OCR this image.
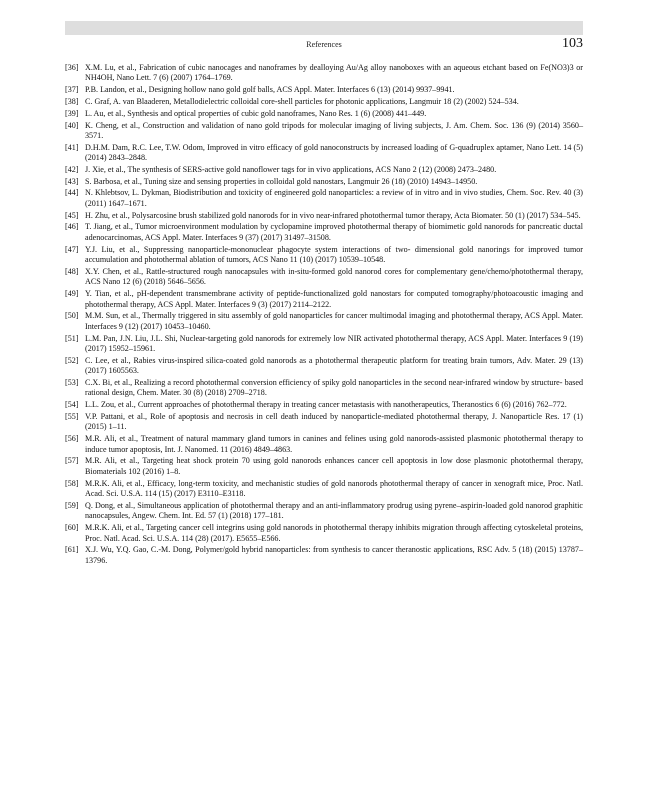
References	103
[36] X.M. Lu, et al., Fabrication of cubic nanocages and nanoframes by dealloying Au/Ag alloy nanoboxes with an aqueous etchant based on Fe(NO3)3 or NH4OH, Nano Lett. 7 (6) (2007) 1764–1769.
[37] P.B. Landon, et al., Designing hollow nano gold golf balls, ACS Appl. Mater. Interfaces 6 (13) (2014) 9937–9941.
[38] C. Graf, A. van Blaaderen, Metallodielectric colloidal core-shell particles for photonic applications, Langmuir 18 (2) (2002) 524–534.
[39] L. Au, et al., Synthesis and optical properties of cubic gold nanoframes, Nano Res. 1 (6) (2008) 441–449.
[40] K. Cheng, et al., Construction and validation of nano gold tripods for molecular imaging of living subjects, J. Am. Chem. Soc. 136 (9) (2014) 3560–3571.
[41] D.H.M. Dam, R.C. Lee, T.W. Odom, Improved in vitro efficacy of gold nanoconstructs by increased loading of G-quadruplex aptamer, Nano Lett. 14 (5) (2014) 2843–2848.
[42] J. Xie, et al., The synthesis of SERS-active gold nanoflower tags for in vivo applications, ACS Nano 2 (12) (2008) 2473–2480.
[43] S. Barbosa, et al., Tuning size and sensing properties in colloidal gold nanostars, Langmuir 26 (18) (2010) 14943–14950.
[44] N. Khlebtsov, L. Dykman, Biodistribution and toxicity of engineered gold nanoparticles: a review of in vitro and in vivo studies, Chem. Soc. Rev. 40 (3) (2011) 1647–1671.
[45] H. Zhu, et al., Polysarcosine brush stabilized gold nanorods for in vivo near-infrared photothermal tumor therapy, Acta Biomater. 50 (1) (2017) 534–545.
[46] T. Jiang, et al., Tumor microenvironment modulation by cyclopamine improved photothermal therapy of biomimetic gold nanorods for pancreatic ductal adenocarcinomas, ACS Appl. Mater. Interfaces 9 (37) (2017) 31497–31508.
[47] Y.J. Liu, et al., Suppressing nanoparticle-mononuclear phagocyte system interactions of two- dimensional gold nanorings for improved tumor accumulation and photothermal ablation of tumors, ACS Nano 11 (10) (2017) 10539–10548.
[48] X.Y. Chen, et al., Rattle-structured rough nanocapsules with in-situ-formed gold nanorod cores for complementary gene/chemo/photothermal therapy, ACS Nano 12 (6) (2018) 5646–5656.
[49] Y. Tian, et al., pH-dependent transmembrane activity of peptide-functionalized gold nanostars for computed tomography/photoacoustic imaging and photothermal therapy, ACS Appl. Mater. Interfaces 9 (3) (2017) 2114–2122.
[50] M.M. Sun, et al., Thermally triggered in situ assembly of gold nanoparticles for cancer multimodal imaging and photothermal therapy, ACS Appl. Mater. Interfaces 9 (12) (2017) 10453–10460.
[51] L.M. Pan, J.N. Liu, J.L. Shi, Nuclear-targeting gold nanorods for extremely low NIR activated photothermal therapy, ACS Appl. Mater. Interfaces 9 (19) (2017) 15952–15961.
[52] C. Lee, et al., Rabies virus-inspired silica-coated gold nanorods as a photothermal therapeutic platform for treating brain tumors, Adv. Mater. 29 (13) (2017) 1605563.
[53] C.X. Bi, et al., Realizing a record photothermal conversion efficiency of spiky gold nanoparticles in the second near-infrared window by structure- based rational design, Chem. Mater. 30 (8) (2018) 2709–2718.
[54] L.L. Zou, et al., Current approaches of photothermal therapy in treating cancer metastasis with nanotherapeutics, Theranostics 6 (6) (2016) 762–772.
[55] V.P. Pattani, et al., Role of apoptosis and necrosis in cell death induced by nanoparticle-mediated photothermal therapy, J. Nanoparticle Res. 17 (1) (2015) 1–11.
[56] M.R. Ali, et al., Treatment of natural mammary gland tumors in canines and felines using gold nanorods-assisted plasmonic photothermal therapy to induce tumor apoptosis, Int. J. Nanomed. 11 (2016) 4849–4863.
[57] M.R. Ali, et al., Targeting heat shock protein 70 using gold nanorods enhances cancer cell apoptosis in low dose plasmonic photothermal therapy, Biomaterials 102 (2016) 1–8.
[58] M.R.K. Ali, et al., Efficacy, long-term toxicity, and mechanistic studies of gold nanorods photothermal therapy of cancer in xenograft mice, Proc. Natl. Acad. Sci. U.S.A. 114 (15) (2017) E3110–E3118.
[59] Q. Dong, et al., Simultaneous application of photothermal therapy and an anti-inflammatory prodrug using pyrene–aspirin-loaded gold nanorod graphitic nanocapsules, Angew. Chem. Int. Ed. 57 (1) (2018) 177–181.
[60] M.R.K. Ali, et al., Targeting cancer cell integrins using gold nanorods in photothermal therapy inhibits migration through affecting cytoskeletal proteins, Proc. Natl. Acad. Sci. U.S.A. 114 (28) (2017). E5655–E566.
[61] X.J. Wu, Y.Q. Gao, C.-M. Dong, Polymer/gold hybrid nanoparticles: from synthesis to cancer theranostic applications, RSC Adv. 5 (18) (2015) 13787–13796.
